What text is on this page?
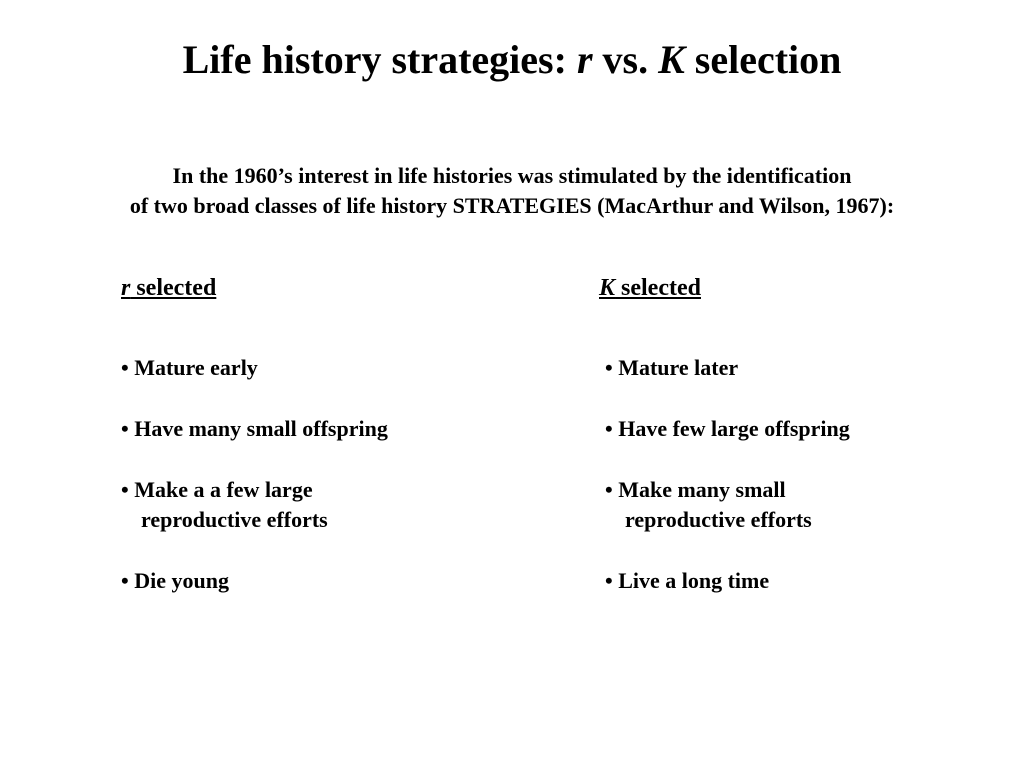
Life history strategies: r vs. K selection
In the 1960’s interest in life histories was stimulated by the identification
of two broad classes of life history STRATEGIES (MacArthur and Wilson, 1967):
r selected	K selected
• Mature early
• Have many small offspring
• Make a a few large
reproductive efforts
• Die young
• Mature later
• Have few large offspring
• Make many small
reproductive efforts
• Live a long time
